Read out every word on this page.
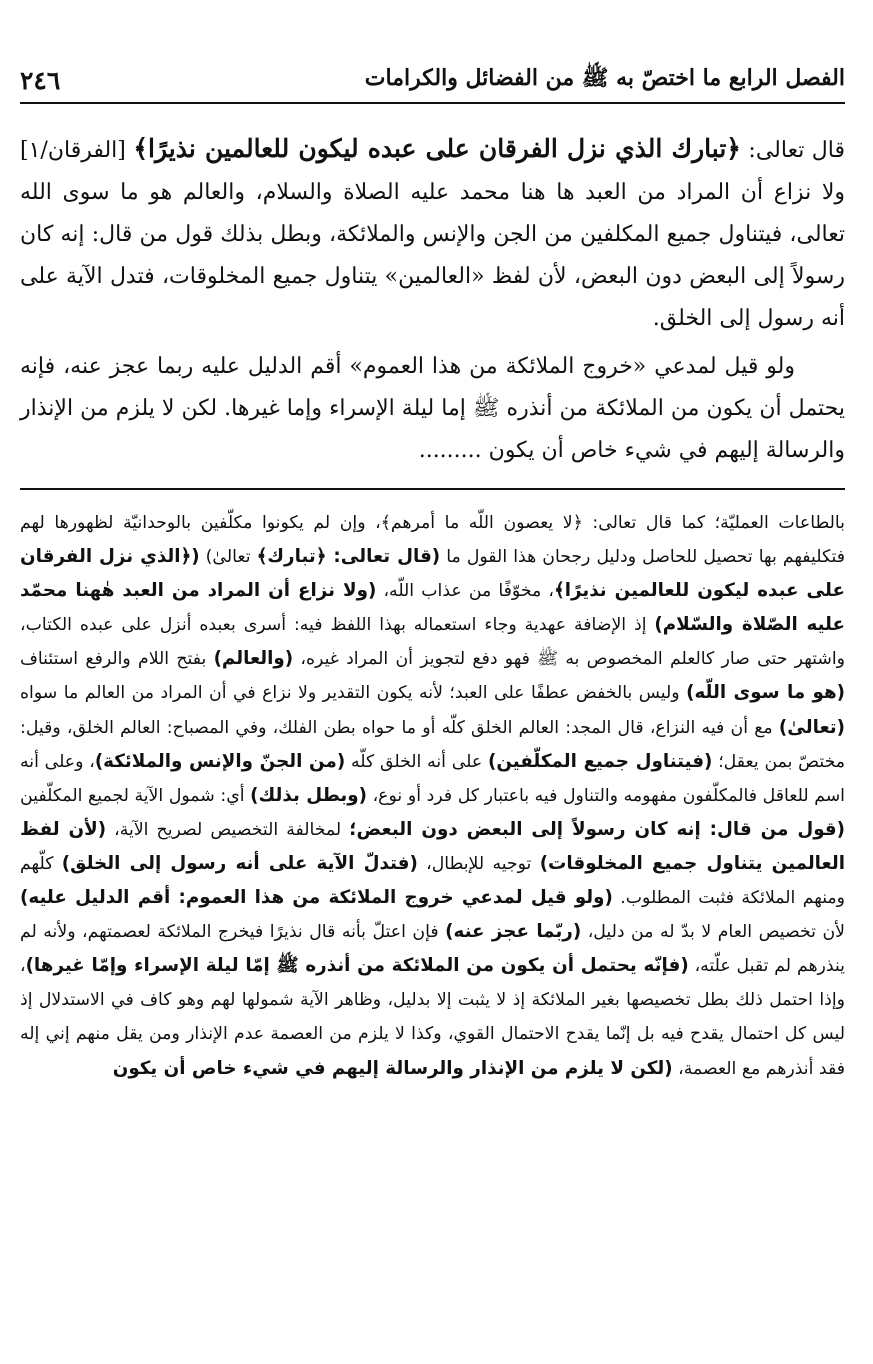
الفصل الرابع ما اختصّ به ﷺ من الفضائل والكرامات
٢٤٦

قال تعالى: ﴿تبارك الذي نزل الفرقان على عبده ليكون للعالمين نذيرًا﴾ [الفرقان/١] ولا نزاع أن المراد من العبد ها هنا محمد عليه الصلاة والسلام، والعالم هو ما سوى الله تعالى، فيتناول جميع المكلفين من الجن والإنس والملائكة، وبطل بذلك قول من قال: إنه كان رسولاً إلى البعض دون البعض، لأن لفظ «العالمين» يتناول جميع المخلوقات، فتدل الآية على أنه رسول إلى الخلق.

ولو قيل لمدعي «خروج الملائكة من هذا العموم» أقم الدليل عليه ربما عجز عنه، فإنه يحتمل أن يكون من الملائكة من أنذره ﷺ إما ليلة الإسراء وإما غيرها. لكن لا يلزم من الإنذار والرسالة إليهم في شيء خاص أن يكون .........

بالطاعات العمليّة؛ كما قال تعالى: ﴿لا يعصون اللّه ما أمرهم﴾، وإن لم يكونوا مكلّفين بالوحدانيّة لظهورها لهم فتكليفهم بها تحصيل للحاصل ودليل رجحان هذا القول ما (قال تعالى: ﴿تبارك﴾ تعالىٰ) (﴿الذي نزل الفرقان على عبده ليكون للعالمين نذيرًا﴾، مخوّفًا من عذاب اللّه، (ولا نزاع أن المراد من العبد هٰهنا محمّد عليه الصّلاة والسّلام) إذ الإضافة عهدية وجاء استعماله بهذا اللفظ فيه: أسرى بعبده أنزل على عبده الكتاب، واشتهر حتى صار كالعلم المخصوص به ﷺ فهو دفع لتجويز أن المراد غيره، (والعالم) بفتح اللام والرفع استئناف (هو ما سوى اللّه) وليس بالخفض عطفًا على العبد؛ لأنه يكون التقدير ولا نزاع في أن المراد من العالم ما سواه (تعالىٰ) مع أن فيه النزاع، قال المجد: العالم الخلق كلّه أو ما حواه بطن الفلك، وفي المصباح: العالم الخلق، وقيل: مختصّ بمن يعقل؛ (فيتناول جميع المكلّفين) على أنه الخلق كلّه (من الجنّ والإنس والملائكة)، وعلى أنه اسم للعاقل فالمكلّفون مفهومه والتناول فيه باعتبار كل فرد أو نوع، (وبطل بذلك) أي: شمول الآية لجميع المكلّفين (قول من قال: إنه كان رسولاً إلى البعض دون البعض؛ لمخالفة التخصيص لصريح الآية، (لأن لفظ العالمين يتناول جميع المخلوقات) توجيه للإبطال، (فتدلّ الآية على أنه رسول إلى الخلق) كلّهم ومنهم الملائكة فثبت المطلوب. (ولو قيل لمدعي خروج الملائكة من هذا العموم: أقم الدليل عليه) لأن تخصيص العام لا بدّ له من دليل، (ربّما عجز عنه) فإن اعتلّ بأنه قال نذيرًا فيخرج الملائكة لعصمتهم، ولأنه لم ينذرهم لم تقبل علّته، (فإنّه يحتمل أن يكون من الملائكة من أنذره ﷺ إمّا ليلة الإسراء وإمّا غيرها)، وإذا احتمل ذلك بطل تخصيصها بغير الملائكة إذ لا يثبت إلا بدليل، وظاهر الآية شمولها لهم وهو كاف في الاستدلال إذ ليس كل احتمال يقدح فيه بل إنّما يقدح الاحتمال القوي، وكذا لا يلزم من العصمة عدم الإنذار ومن يقل منهم إني إله فقد أنذرهم مع العصمة، (لكن لا يلزم من الإنذار والرسالة إليهم في شيء خاص أن يكون
